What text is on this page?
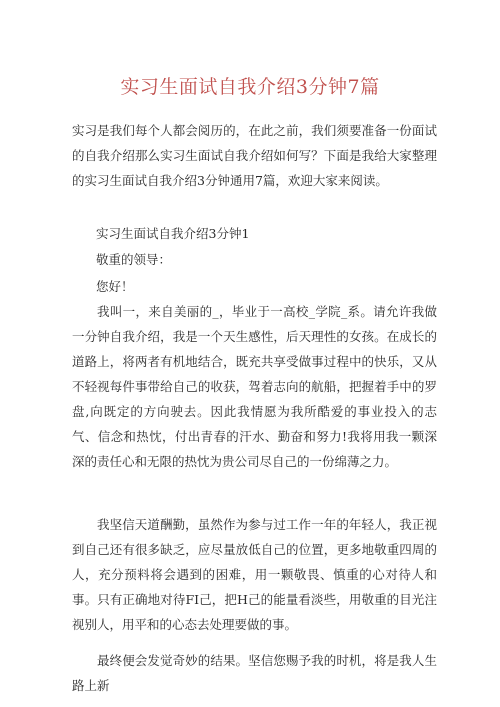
实习生面试自我介绍3分钟7篇

实习是我们每个人都会阅历的，在此之前，我们须要准备一份面试的自我介绍那么实习生面试自我介绍如何写？下面是我给大家整理的实习生面试自我介绍3分钟通用7篇，欢迎大家来阅读。

实习生面试自我介绍3分钟1
敬重的领导：
您好！

我叫一，来自美丽的_，毕业于一高校_学院_系。请允许我做一分钟自我介绍，我是一个天生感性，后天理性的女孩。在成长的道路上，将两者有机地结合，既充共享受做事过程中的快乐，又从不轻视每件事带给自己的收获，驾着志向的航船，把握着手中的罗盘,向既定的方向驶去。因此我情愿为我所酷爱的事业投入的志气、信念和热忱，付出青春的汗水、勤奋和努力!我将用我一颗深深的责任心和无限的热忱为贵公司尽自己的一份绵薄之力。

我坚信天道酬勤，虽然作为参与过工作一年的年轻人，我正视到自己还有很多缺乏，应尽量放低自己的位置，更多地敬重四周的人，充分预料将会遇到的困难，用一颗敬畏、慎重的心对待人和事。只有正确地对待FI己，把H己的能量看淡些，用敬重的目光注视别人，用平和的心态去处理要做的事。

最终便会发觉奇妙的结果。坚信您赐予我的时机，将是我人生路上新
